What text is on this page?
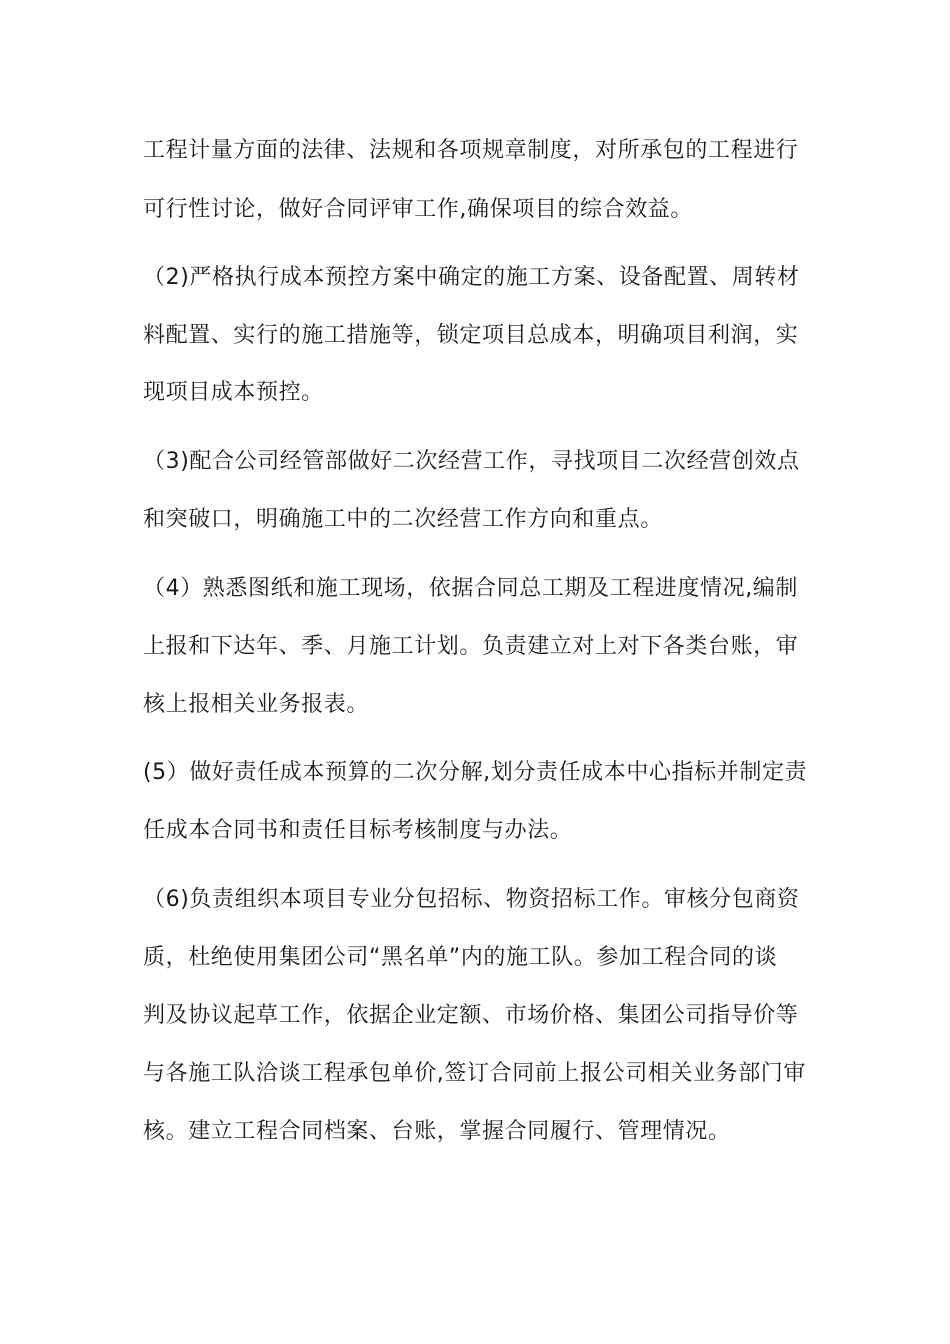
工程计量方面的法律、法规和各项规章制度，对所承包的工程进行
可行性讨论，做好合同评审工作,确保项目的综合效益。
（2)严格执行成本预控方案中确定的施工方案、设备配置、周转材
料配置、实行的施工措施等，锁定项目总成本，明确项目利润，实
现项目成本预控。
（3)配合公司经管部做好二次经营工作，寻找项目二次经营创效点
和突破口，明确施工中的二次经营工作方向和重点。
（4）熟悉图纸和施工现场，依据合同总工期及工程进度情况,编制
上报和下达年、季、月施工计划。负责建立对上对下各类台账，审
核上报相关业务报表。
(5）做好责任成本预算的二次分解,划分责任成本中心指标并制定责
任成本合同书和责任目标考核制度与办法。
（6)负责组织本项目专业分包招标、物资招标工作。审核分包商资
质，杜绝使用集团公司“黑名单”内的施工队。参加工程合同的谈
判及协议起草工作，依据企业定额、市场价格、集团公司指导价等
与各施工队洽谈工程承包单价,签订合同前上报公司相关业务部门审
核。建立工程合同档案、台账，掌握合同履行、管理情况。
